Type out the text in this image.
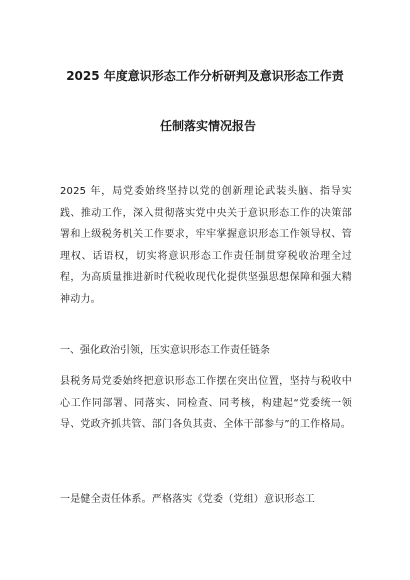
2025 年度意识形态工作分析研判及意识形态工作责
任制落实情况报告
2025 年，局党委始终坚持以党的创新理论武装头脑、指导实践、推动工作，深入贯彻落实党中央关于意识形态工作的决策部署和上级税务机关工作要求，牢牢掌握意识形态工作领导权、管理权、话语权，切实将意识形态工作责任制贯穿税收治理全过程，为高质量推进新时代税收现代化提供坚强思想保障和强大精神动力。
一、强化政治引领，压实意识形态工作责任链条
县税务局党委始终把意识形态工作摆在突出位置，坚持与税收中心工作同部署、同落实、同检查、同考核，构建起“党委统一领导、党政齐抓共管、部门各负其责、全体干部参与”的工作格局。
一是健全责任体系。严格落实《党委（党组）意识形态工
